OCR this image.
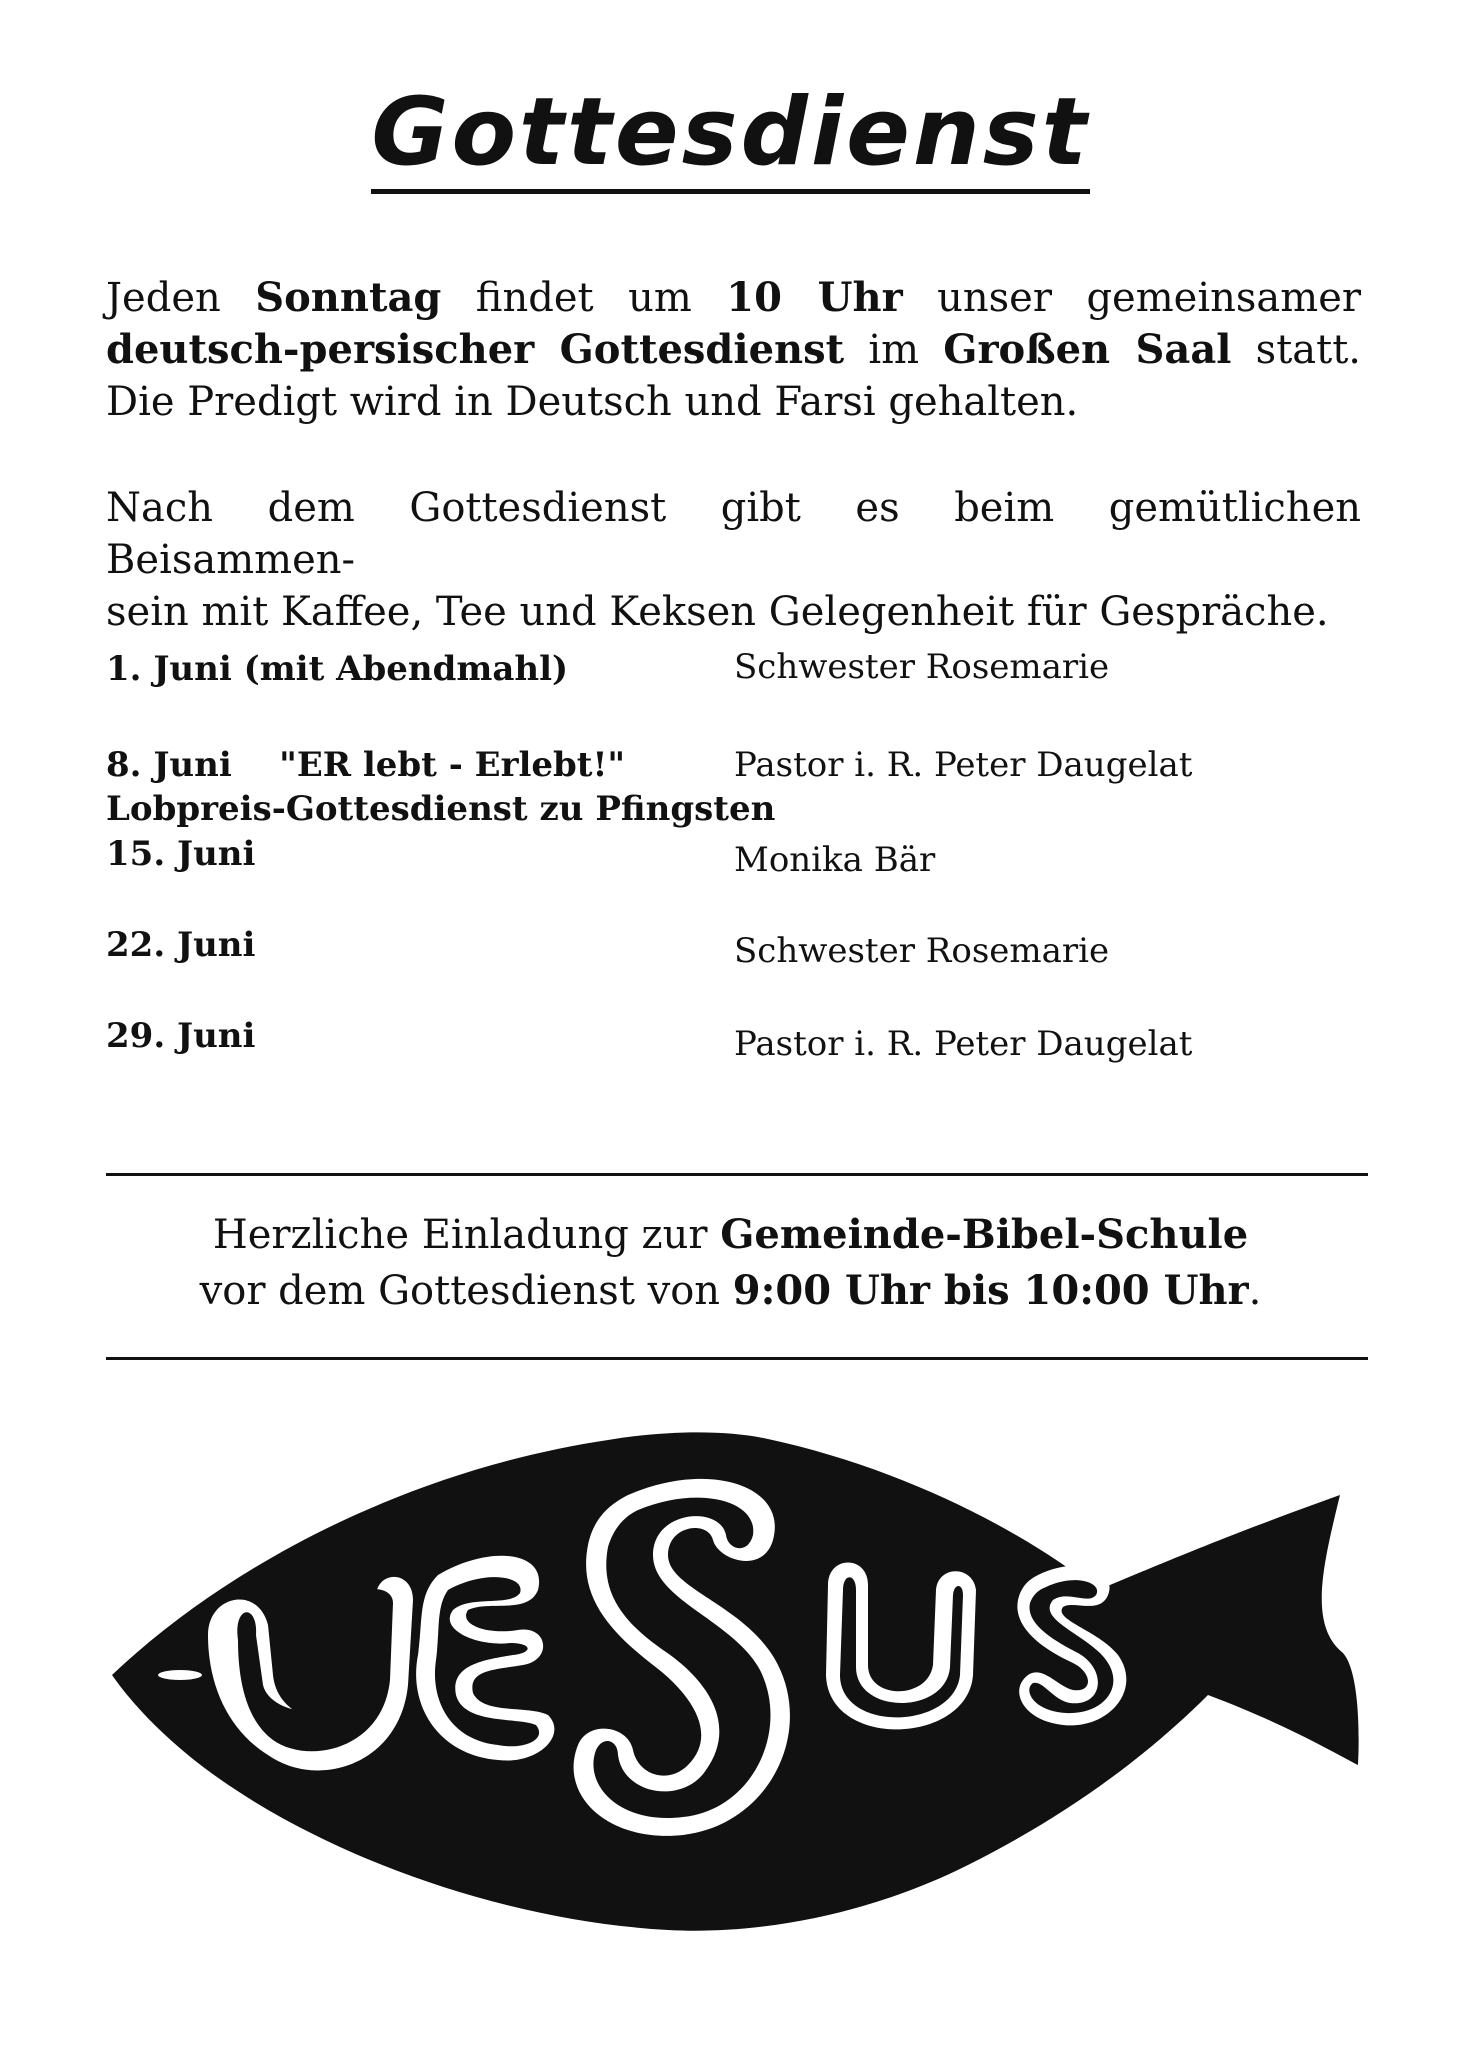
Gottesdienst
Jeden Sonntag findet um 10 Uhr unser gemeinsamer deutsch-persischer Gottesdienst im Großen Saal statt. Die Predigt wird in Deutsch und Farsi gehalten.
Nach dem Gottesdienst gibt es beim gemütlichen Beisammen-
sein mit Kaffee, Tee und Keksen Gelegenheit für Gespräche.
1. Juni (mit Abendmahl)	Schwester Rosemarie
8. Juni    "ER lebt - Erlebt!"	Pastor i. R. Peter Daugelat
Lobpreis-Gottesdienst zu Pfingsten
15. Juni	Monika Bär
22. Juni	Schwester Rosemarie
29. Juni	Pastor i. R. Peter Daugelat
Herzliche Einladung zur Gemeinde-Bibel-Schule
vor dem Gottesdienst von 9:00 Uhr bis 10:00 Uhr.
